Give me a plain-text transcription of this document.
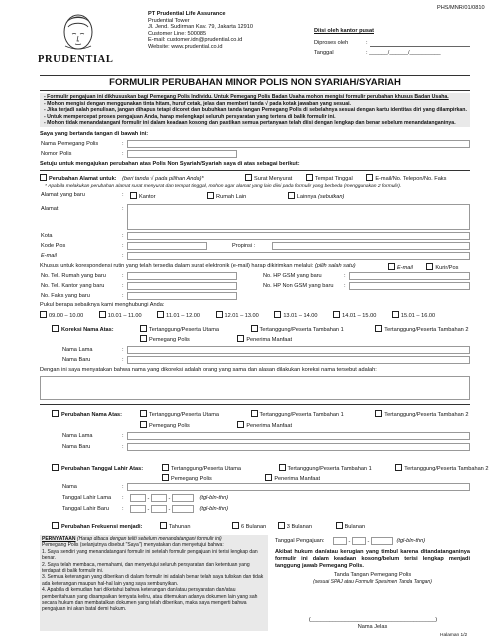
PHS/MNR/01/0810
PRUDENTIAL
PT Prudential Life Assurance
Prudential Tower
Jl. Jend. Sudirman Kav. 79, Jakarta 12910
Customer Line: 500085
E-mail: customer.idn@prudential.co.id
Website: www.prudential.co.id
Diisi oleh kantor pusat
Diproses oleh	:
Tanggal	: ______/______/__________
FORMULIR PERUBAHAN MINOR POLIS NON SYARIAH/SYARIAH
- Formulir pengajuan ini dikhususkan bagi Pemegang Polis Individu. Untuk Pemegang Polis Badan Usaha mohon mengisi formulir perubahan khusus Badan Usaha.
- Mohon mengisi dengan menggunakan tinta hitam, huruf cetak, jelas dan memberi tanda √ pada kotak jawaban yang sesuai.
- Jika terjadi salah penulisan, jangan dihapus tetapi dicoret dan bubuhkan tanda tangan Pemegang Polis di sebelahnya sesuai dengan kartu identitas diri yang dilampirkan.
- Untuk mempercepat proses pengajuan Anda, harap melengkapi seluruh persyaratan yang tertera di balik formulir ini.
- Mohon tidak menandatangani formulir ini dalam keadaan kosong dan pastikan semua pertanyaan telah diisi dengan lengkap dan benar sebelum menandatanganinya.
Saya yang bertanda tangan di bawah ini:
Nama Pemegang Polis	:
Nomor Polis	:
Setuju untuk mengajukan perubahan atas Polis Non Syariah/Syariah saya di atas sebagai berikut:
Perubahan Alamat untuk: (beri tanda √ pada pilihan Anda)*	Surat Menyurat	Tempat Tinggal	E-mail/No. Telepon/No. Faks
* Apabila melakukan perubahan alamat surat menyurat dan tempat tinggal, mohon agar alamat yang lain diisi pada formulir yang berbeda (menggunakan 2 formulir).
Alamat yang baru	:	Kantor	Rumah Lain	Lainnya (sebutkan)
Alamat	:
Kota	:
Kode Pos	:	Propinsi :
E-mail	:
Khusus untuk korespondensi rutin yang telah tersedia dalam surat elektronik (e-mail) harap dikirimkan melalui: (pilih salah satu)	E-mail	Kurir/Pos
No. Tel. Rumah yang baru	:	No. HP GSM yang baru	:
No. Tel. Kantor yang baru	:	No. HP Non GSM yang baru :
No. Faks yang baru	:
Pukul berapa sebaiknya kami menghubungi Anda:
09.00 – 10.00	10.01 – 11.00	11.01 – 12.00	12.01 – 13.00	13.01 – 14.00	14.01 – 15.00	15.01 – 16.00
Koreksi Nama Atas:	Tertanggung/Peserta Utama	Tertanggung/Peserta Tambahan 1	Tertanggung/Peserta Tambahan 2
Pemegang Polis	Penerima Manfaat
Nama Lama	:
Nama Baru	:
Dengan ini saya menyatakan bahwa nama yang dikoreksi adalah orang yang sama dan alasan dilakukan koreksi nama tersebut adalah:
Perubahan Nama Atas:	Tertanggung/Peserta Utama	Tertanggung/Peserta Tambahan 1	Tertanggung/Peserta Tambahan 2
Pemegang Polis	Penerima Manfaat
Nama Lama	:
Nama Baru	:
Perubahan Tanggal Lahir Atas:	Tertanggung/Peserta Utama	Tertanggung/Peserta Tambahan 1	Tertanggung/Peserta Tambahan 2
Pemegang Polis	Penerima Manfaat
Nama	:
Tanggal Lahir Lama :	-	-	(tgl-bln-thn)
Tanggal Lahir Baru :	-	-	(tgl-bln-thn)
Perubahan Frekuensi menjadi:	Tahunan	6 Bulanan	3 Bulanan	Bulanan
PERNYATAAN (Harap dibaca dengan teliti sebelum menandatangani formulir ini)
Pemegang Polis (selanjutnya disebut "Saya") menyatakan dan menyetujui bahwa:
1. Saya sendiri yang menandatangani formulir ini setelah formulir pengajuan ini terisi lengkap dan benar.
2. Saya telah membaca, memahami, dan menyetujui seluruh persyaratan dan ketentuan yang terdapat di balik formulir ini.
3. Semua keterangan yang diberikan di dalam formulir ini adalah benar telah saya tuliskan dan tidak ada keterangan maupun hal-hal lain yang saya sembunyikan.
4. Apabila di kemudian hari diketahui bahwa keterangan dan/atau persyaratan dan/atau pemberitahuan yang disampaikan ternyata keliru, atau ditemukan adanya dokumen lain yang sah secara hukum dan membatalkan dokumen yang telah diberikan, maka saya mengerti bahwa pengajuan ini akan batal demi hukum.
Tanggal Pengajuan:	-	-	(tgl-bln-thn)
Akibat hukum dan/atau kerugian yang timbul karena ditandatanganinya formulir ini dalam keadaan kosong/belum terisi lengkap menjadi tanggung jawab Pemegang Polis.
Tanda Tangan Pemegang Polis
(sesuai SPAJ atau Formulir Spesimen Tanda Tangan)
(________________________________________)
Nama Jelas
Halaman 1/2
